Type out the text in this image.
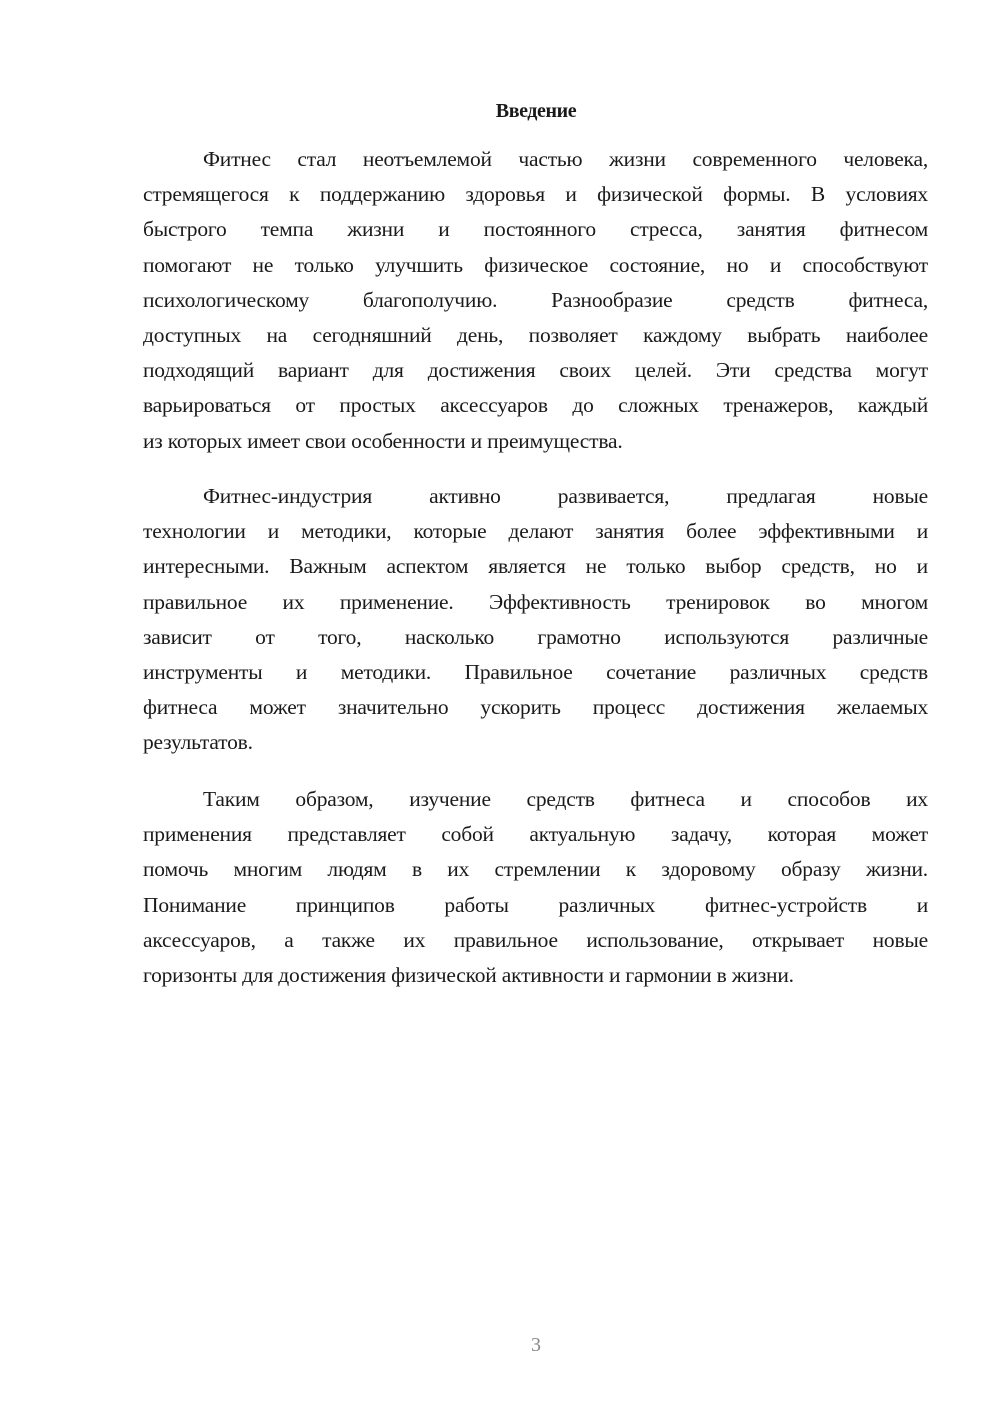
Введение
Фитнес стал неотъемлемой частью жизни современного человека,
стремящегося к поддержанию здоровья и физической формы. В условиях
быстрого темпа жизни и постоянного стресса, занятия фитнесом
помогают не только улучшить физическое состояние, но и способствуют
психологическому благополучию. Разнообразие средств фитнеса,
доступных на сегодняшний день, позволяет каждому выбрать наиболее
подходящий вариант для достижения своих целей. Эти средства могут
варьироваться от простых аксессуаров до сложных тренажеров, каждый
из которых имеет свои особенности и преимущества.
Фитнес-индустрия активно развивается, предлагая новые
технологии и методики, которые делают занятия более эффективными и
интересными. Важным аспектом является не только выбор средств, но и
правильное их применение. Эффективность тренировок во многом
зависит от того, насколько грамотно используются различные
инструменты и методики. Правильное сочетание различных средств
фитнеса может значительно ускорить процесс достижения желаемых
результатов.
Таким образом, изучение средств фитнеса и способов их
применения представляет собой актуальную задачу, которая может
помочь многим людям в их стремлении к здоровому образу жизни.
Понимание принципов работы различных фитнес-устройств и
аксессуаров, а также их правильное использование, открывает новые
горизонты для достижения физической активности и гармонии в жизни.
3
